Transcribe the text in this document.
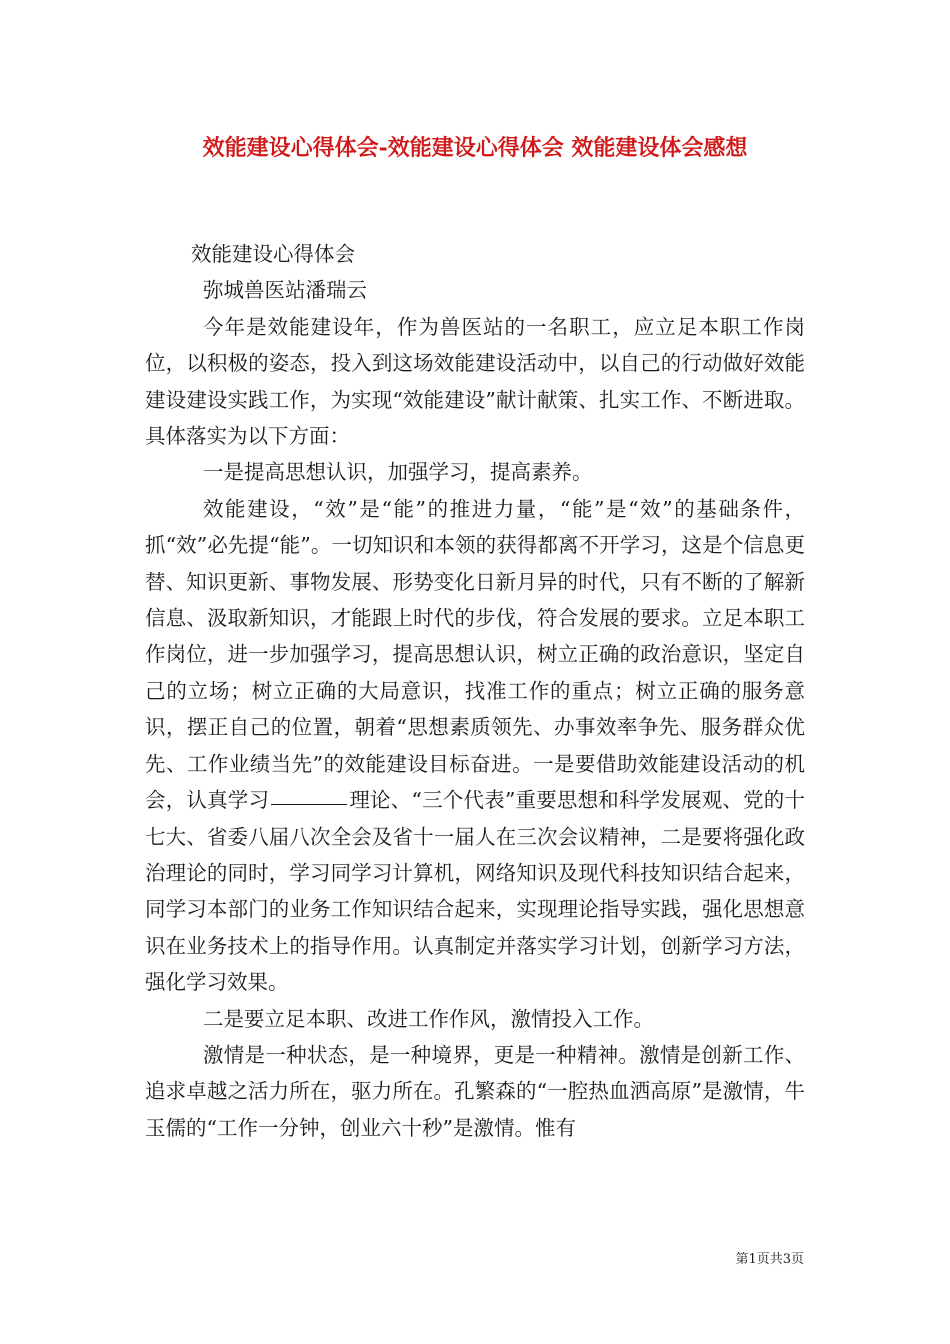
效能建设心得体会-效能建设心得体会 效能建设体会感想

效能建设心得体会

弥城兽医站潘瑞云

今年是效能建设年，作为兽医站的一名职工，应立足本职工作岗位，以积极的姿态，投入到这场效能建设活动中，以自己的行动做好效能建设建设实践工作，为实现“效能建设”献计献策、扎实工作、不断进取。具体落实为以下方面：

一是提高思想认识，加强学习，提高素养。

效能建设，“效”是“能”的推进力量，“能”是“效”的基础条件，抓“效”必先提“能”。一切知识和本领的获得都离不开学习，这是个信息更替、知识更新、事物发展、形势变化日新月异的时代，只有不断的了解新信息、汲取新知识，才能跟上时代的步伐，符合发展的要求。立足本职工作岗位，进一步加强学习，提高思想认识，树立正确的政治意识，坚定自己的立场；树立正确的大局意识，找准工作的重点；树立正确的服务意识，摆正自己的位置，朝着“思想素质领先、办事效率争先、服务群众优先、工作业绩当先”的效能建设目标奋进。一是要借助效能建设活动的机会，认真学习	理论、“三个代表”重要思想和科学发展观、党的十七大、省委八届八次全会及省十一届人在三次会议精神，二是要将强化政治理论的同时，学习同学习计算机，网络知识及现代科技知识结合起来，同学习本部门的业务工作知识结合起来，实现理论指导实践，强化思想意识在业务技术上的指导作用。认真制定并落实学习计划，创新学习方法，强化学习效果。

二是要立足本职、改进工作作风，激情投入工作。

激情是一种状态，是一种境界，更是一种精神。激情是创新工作、追求卓越之活力所在，驱力所在。孔繁森的“一腔热血洒高原”是激情，牛玉儒的“工作一分钟，创业六十秒”是激情。惟有

第1页共3页
